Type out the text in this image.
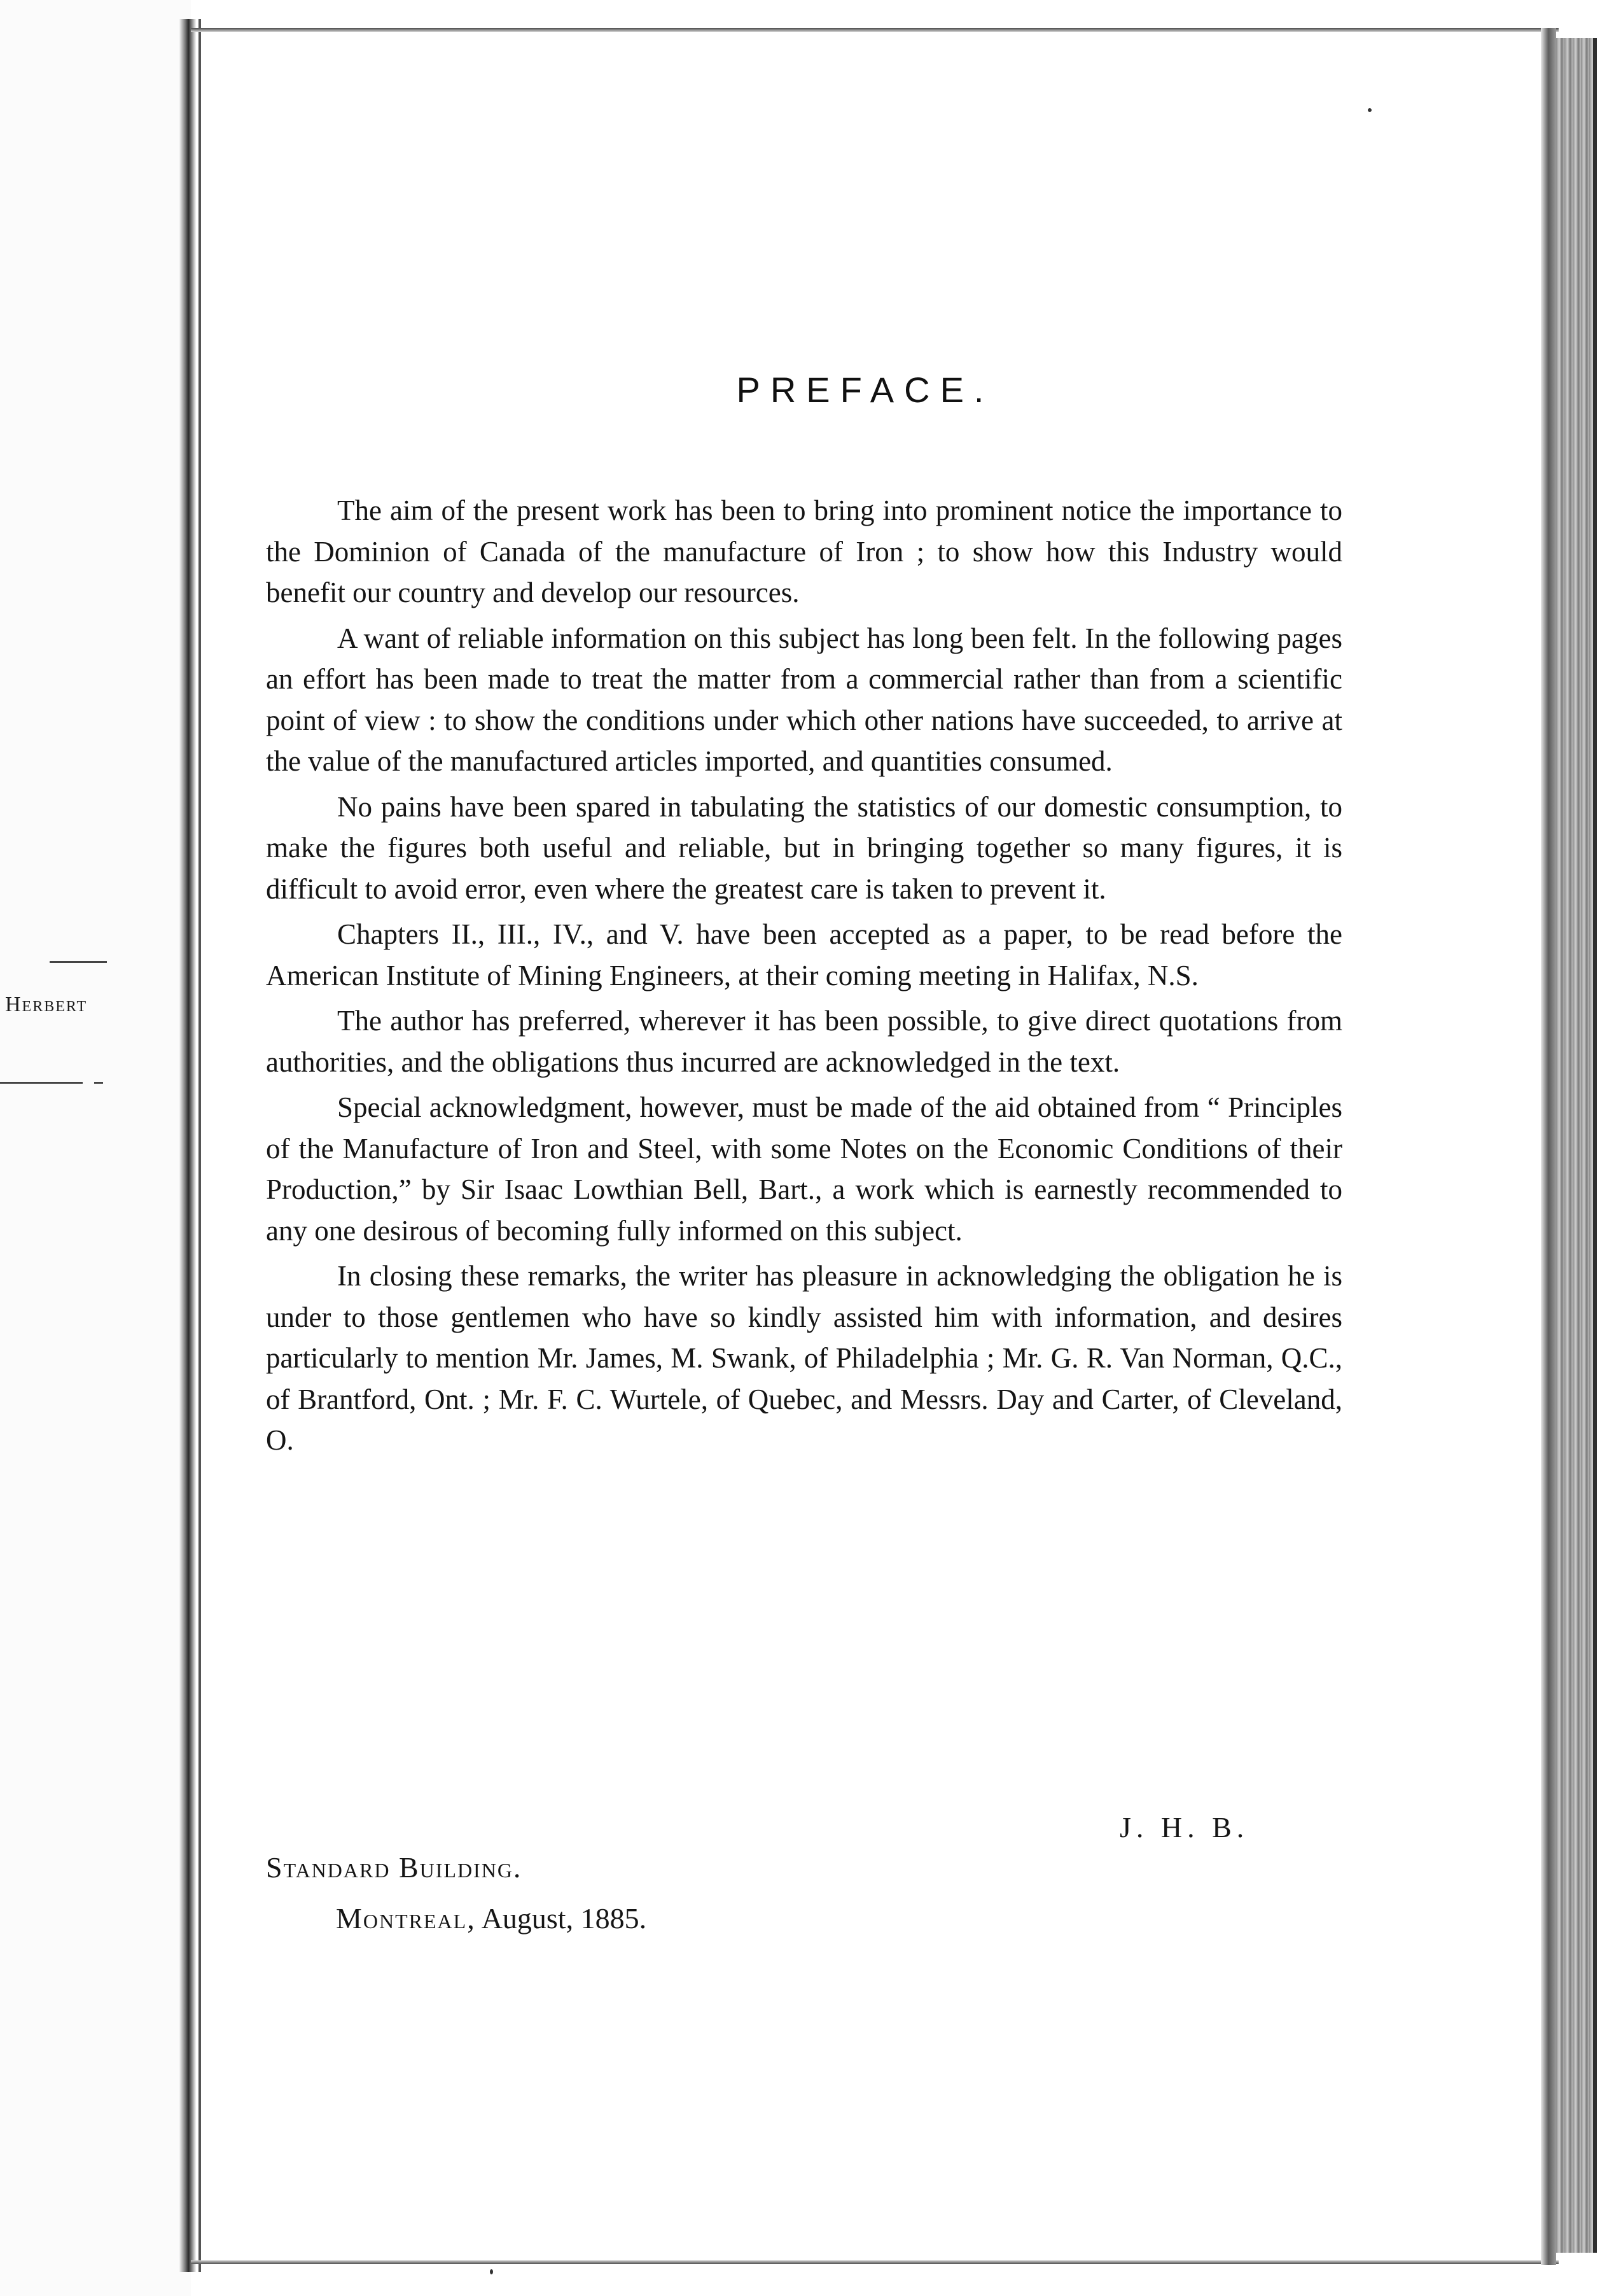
Herbert
PREFACE.

The aim of the present work has been to bring into prominent notice the importance to the Dominion of Canada of the manufacture of Iron ; to show how this Industry would benefit our country and develop our resources.

A want of reliable information on this subject has long been felt. In the following pages an effort has been made to treat the matter from a commercial rather than from a scientific point of view : to show the conditions under which other nations have succeeded, to arrive at the value of the manufactured articles imported, and quantities consumed.

No pains have been spared in tabulating the statistics of our domestic consumption, to make the figures both useful and reliable, but in bringing together so many figures, it is difficult to avoid error, even where the greatest care is taken to prevent it.

Chapters II., III., IV., and V. have been accepted as a paper, to be read before the American Institute of Mining Engineers, at their coming meeting in Halifax, N.S.

The author has preferred, wherever it has been possible, to give direct quotations from authorities, and the obligations thus incurred are acknowledged in the text.

Special acknowledgment, however, must be made of the aid obtained from “ Principles of the Manufacture of Iron and Steel, with some Notes on the Economic Conditions of their Production,” by Sir Isaac Lowthian Bell, Bart., a work which is earnestly recommended to any one desirous of becoming fully informed on this subject.

In closing these remarks, the writer has pleasure in acknowledging the obligation he is under to those gentlemen who have so kindly assisted him with information, and desires particularly to mention Mr. James, M. Swank, of Philadelphia ; Mr. G. R. Van Norman, Q.C., of Brantford, Ont. ; Mr. F. C. Wurtele, of Quebec, and Messrs. Day and Carter, of Cleveland, O.

J. H. B.
Standard Building.
Montreal, August, 1885.
